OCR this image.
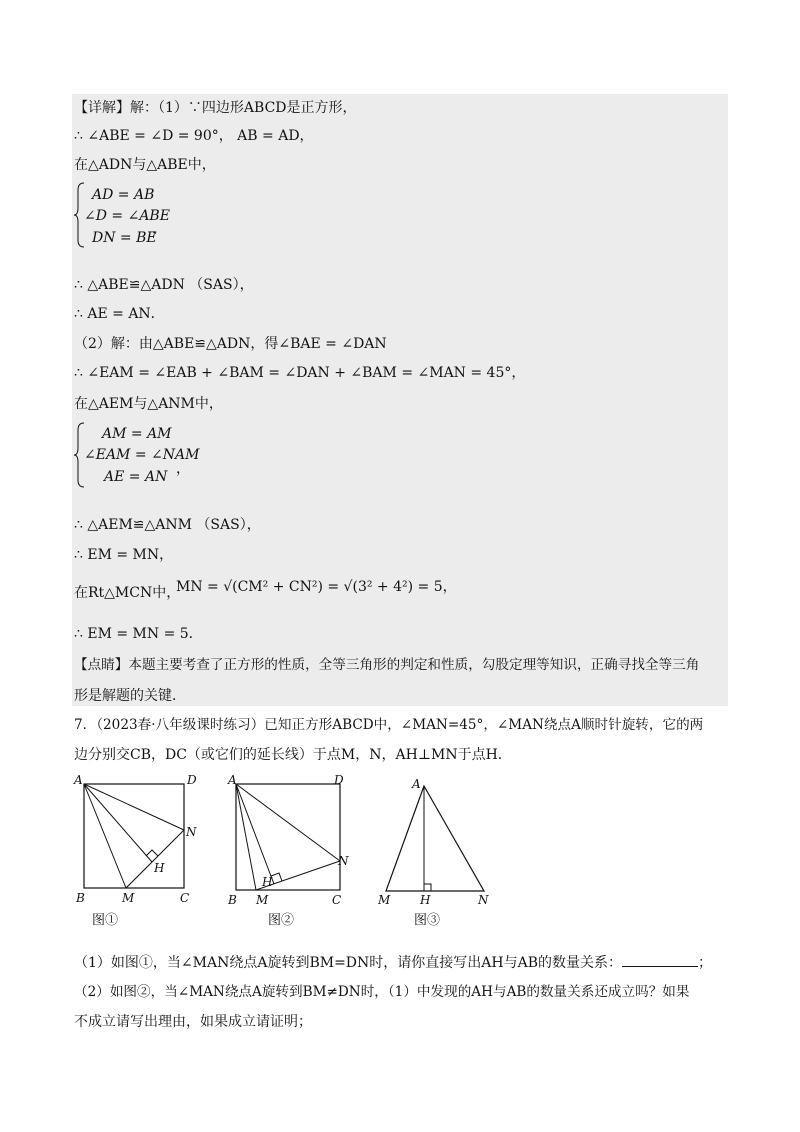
【详解】解：（1）∵四边形ABCD是正方形，
∴ ∠ABE = ∠D = 90°， AB = AD，
在△ADN与△ABE中，
AD = AB
∠D = ∠ABE
DN = BE
，
∴ △ABE≌△ADN （SAS），
∴ AE = AN．
（2）解：由△ABE≌△ADN，得∠BAE = ∠DAN
∴ ∠EAM = ∠EAB + ∠BAM = ∠DAN + ∠BAM = ∠MAN = 45°，
在△AEM与△ANM中，
AM = AM
∠EAM = ∠NAM
AE = AN ，
∴ △AEM≌△ANM （SAS），
∴ EM = MN，
在Rt△MCN中，
MN = √(CM² + CN²) = √(3² + 4²) = 5，
∴ EM = MN = 5．
【点睛】本题主要考查了正方形的性质，全等三角形的判定和性质，勾股定理等知识，正确寻找全等三角
形是解题的关键．
7．（2023春·八年级课时练习）已知正方形ABCD中，∠MAN=45°，∠MAN绕点A顺时针旋转，它的两
边分别交CB，DC（或它们的延长线）于点M，N，AH⊥MN于点H．
A	D
B	C
M
N
H
图①
A	D
B	C
M
N
H
图②
A
M H	N
图③
（1）如图①，当∠MAN绕点A旋转到BM=DN时，请你直接写出AH与AB的数量关系：	；
（2）如图②，当∠MAN绕点A旋转到BM≠DN时，（1）中发现的AH与AB的数量关系还成立吗？如果
不成立请写出理由，如果成立请证明；
